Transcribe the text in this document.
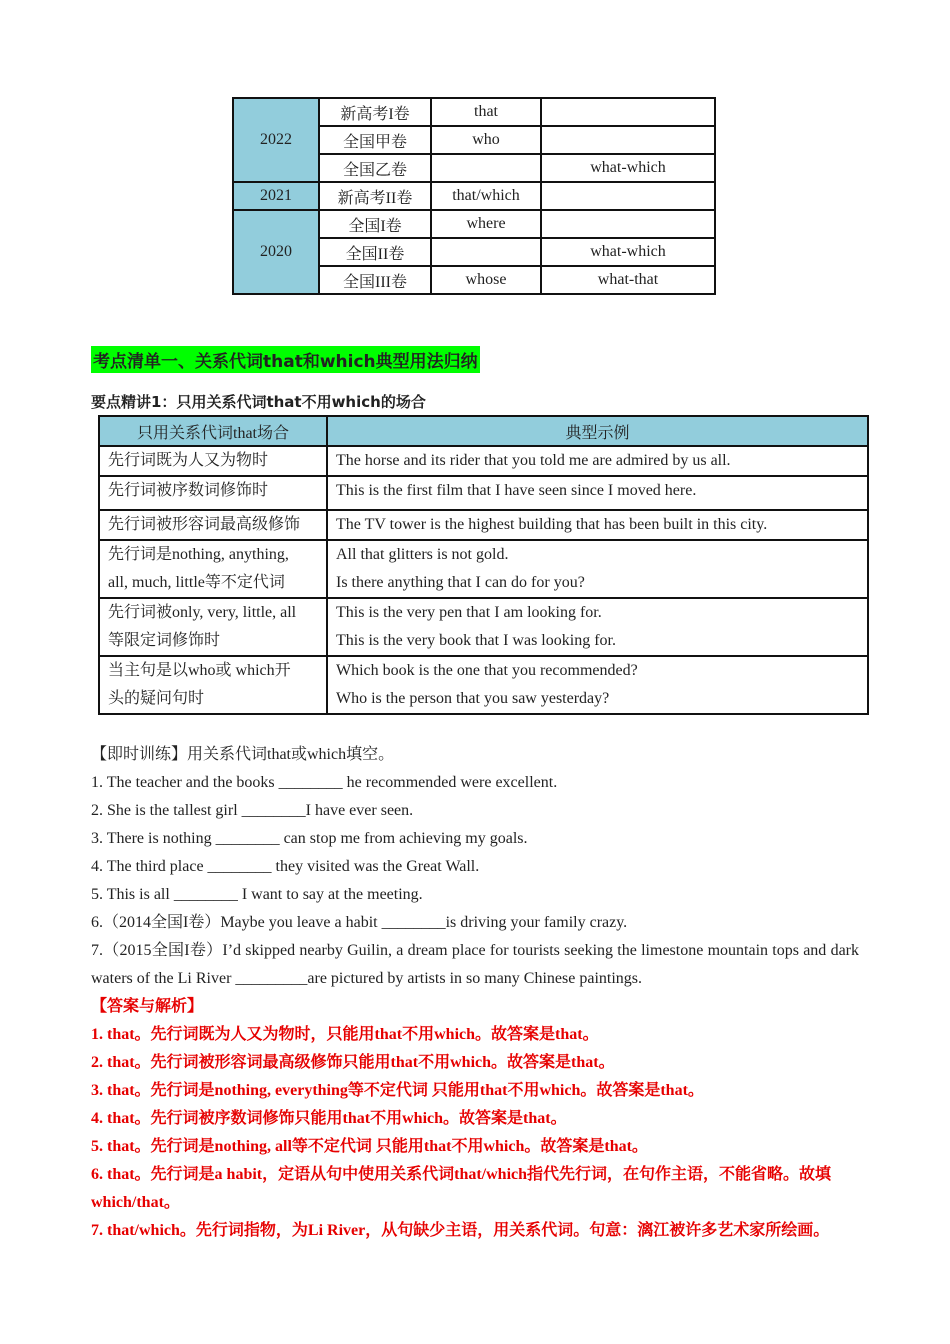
2022	新高考I卷	that	
	全国甲卷	who	
	全国乙卷		what-which
2021	新高考II卷	that/which	
2020	全国I卷	where	
	全国II卷		what-which
	全国III卷	whose	what-that
考点清单一、关系代词that和which典型用法归纳
要点精讲1：只用关系代词that不用which的场合
只用关系代词that场合	典型示例

先行词既为人又为物时	The horse and its rider that you told me are admired by us all.

先行词被序数词修饰时	This is the first film that I have seen since I moved here.

先行词被形容词最高级修饰	The TV tower is the highest building that has been built in this city.

先行词是nothing, anything,
all, much, little等不定代词	All that glitters is not gold.
Is there anything that I can do for you?

先行词被only, very, little, all
等限定词修饰时	This is the very pen that I am looking for.
This is the very book that I was looking for.

当主句是以who或 which开
头的疑问句时	Which book is the one that you recommended?
Who is the person that you saw yesterday?
【即时训练】用关系代词that或which填空。
1. The teacher and the books ________ he recommended were excellent.
2. She is the tallest girl ________I have ever seen.
3. There is nothing ________ can stop me from achieving my goals.
4. The third place ________ they visited was the Great Wall.
5. This is all ________ I want to say at the meeting.
6.（2014全国I卷）Maybe you leave a habit ________is driving your family crazy.
7.（2015全国I卷）I’d skipped nearby Guilin, a dream place for tourists seeking the limestone mountain tops and dark waters of the Li River _________are pictured by artists in so many Chinese paintings.
【答案与解析】
1. that。先行词既为人又为物时，只能用that不用which。故答案是that。
2. that。先行词被形容词最高级修饰只能用that不用which。故答案是that。
3. that。先行词是nothing, everything等不定代词 只能用that不用which。故答案是that。
4. that。先行词被序数词修饰只能用that不用which。故答案是that。
5. that。先行词是nothing, all等不定代词 只能用that不用which。故答案是that。
6. that。先行词是a habit，定语从句中使用关系代词that/which指代先行词，在句作主语，不能省略。故填which/that。
7. that/which。先行词指物，为Li River，从句缺少主语，用关系代词。句意：漓江被许多艺术家所绘画。
